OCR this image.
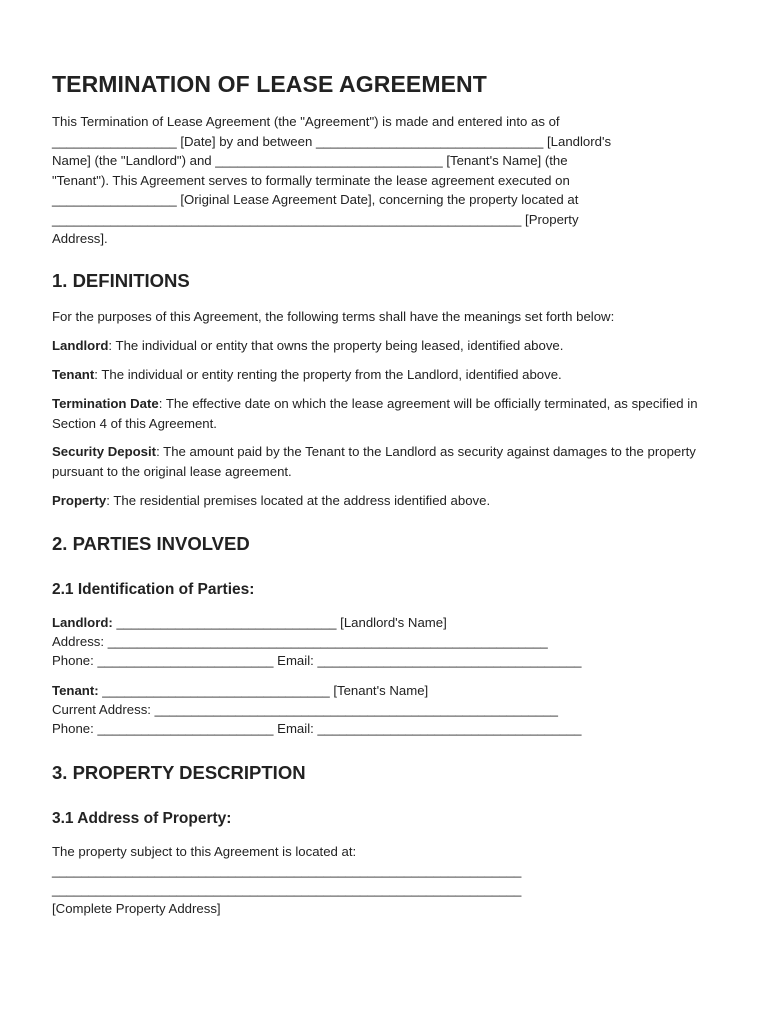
TERMINATION OF LEASE AGREEMENT
This Termination of Lease Agreement (the "Agreement") is made and entered into as of
_________________ [Date] by and between _______________________________ [Landlord's
Name] (the "Landlord") and _______________________________ [Tenant's Name] (the
"Tenant"). This Agreement serves to formally terminate the lease agreement executed on
_________________ [Original Lease Agreement Date], concerning the property located at
________________________________________________________________ [Property
Address].
1. DEFINITIONS
For the purposes of this Agreement, the following terms shall have the meanings set forth below:
Landlord: The individual or entity that owns the property being leased, identified above.
Tenant: The individual or entity renting the property from the Landlord, identified above.
Termination Date: The effective date on which the lease agreement will be officially terminated, as specified in Section 4 of this Agreement.
Security Deposit: The amount paid by the Tenant to the Landlord as security against damages to the property pursuant to the original lease agreement.
Property: The residential premises located at the address identified above.
2. PARTIES INVOLVED
2.1 Identification of Parties:
Landlord: ______________________________ [Landlord's Name]
Address: ____________________________________________________________
Phone: ________________________ Email: ____________________________________
Tenant: _______________________________ [Tenant's Name]
Current Address: _______________________________________________________
Phone: ________________________ Email: ____________________________________
3. PROPERTY DESCRIPTION
3.1 Address of Property:
The property subject to this Agreement is located at:
________________________________________________________________
________________________________________________________________
[Complete Property Address]
